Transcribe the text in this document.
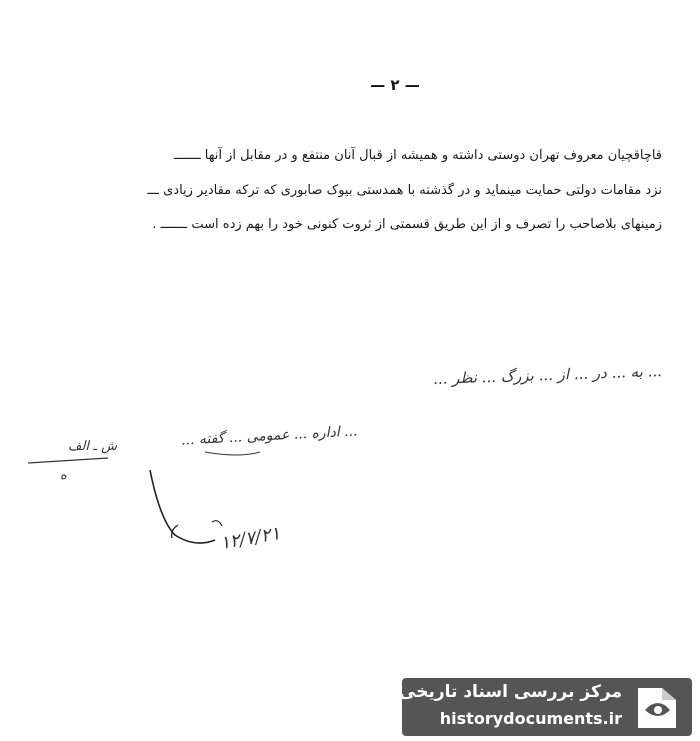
— ۲ —
قاچاقچیان معروف تهران دوستی داشته و همیشه از قبال آنان منتفع و در مقابل از آنها ـــــــ
نزد مقامات دولتی حمایت مینماید و در گذشته با همدستی بیوک صابوری که ترکه مقادیر زیادی ـــ
زمینهای بلاصاحب را تصرف و از این طریق قسمتی از ثروت کنونی خود را بهم زده است ـــــــ .
... به ... در ... از ... بزرگ ... نظر ...
... اداره ... عمومی ... گفته ...
ش ـ الف
ه
۱۲/۷/۲۱
مرکز بررسی اسناد تاریخی
historydocuments.ir
